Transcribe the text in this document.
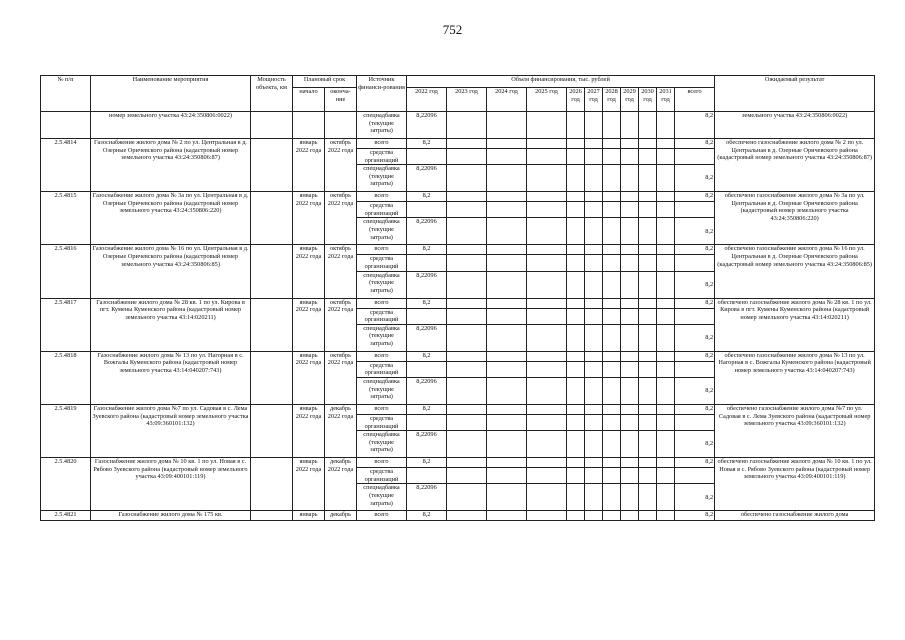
752
№ п/п	Наименование мероприятия	Мощность объекта, км	Плановый срок		Источник финанси-рования	Объем финансирования, тыс. рублей											Ожидаемый результат
			начало	оконча-ние		2022 год	2023 год	2024 год	2025 год	2026 год	2027 год	2028 год	2029 год	2030 год	2031 год	всего	
	номер земельного участка 43:24:350806:0022)				спецнадбавка (текущие затраты)	8,22096										8,2	земельного участка 43:24:350806:0022)
2.5.4814	Газоснабжение жилого дома № 2 по ул. Центральная в д. Озерные Оричевского района (кадастровый номер земельного участка 43:24:350806:87)		январь 2022 года	октябрь 2022 года	всего	8,2										8,2	обеспечено газоснабжение жилого дома № 2 по ул. Центральная в д. Озерные Оричевского района (кадастровый номер земельного участка 43:24:350806:87)
					средства организаций												
					спецнадбавка (текущие затраты)	8,22096										8,2	
2.5.4815	Газоснабжение жилого дома № 3а по ул. Центральная в д. Озерные Оричевского района (кадастровый номер земельного участка 43:24:350806:220)		январь 2022 года	октябрь 2022 года	всего	8,2										8,2	обеспечено газоснабжение жилого дома № 3а по ул. Центральная в д. Озерные Оричевского района (кадастровый номер земельного участка 43:24:350806:220)
					средства организаций												
					спецнадбавка (текущие затраты)	8,22096										8,2	
2.5.4816	Газоснабжение жилого дома № 16 по ул. Центральная в д. Озерные Оричевского района (кадастровый номер земельного участка 43:24:350806:85)		январь 2022 года	октябрь 2022 года	всего	8,2										8,2	обеспечено газоснабжение жилого дома № 16 по ул. Центральная в д. Озерные Оричевского района (кадастровый номер земельного участка 43:24:350806:85)
					средства организаций												
					спецнадбавка (текущие затраты)	8,22096										8,2	
2.5.4817	Газоснабжение жилого дома № 28 кв. 1 по ул. Кирова в пгт. Кумены Куменского района (кадастровый номер земельного участка 43:14:020211)		январь 2022 года	октябрь 2022 года	всего	8,2										8,2	обеспечено газоснабжение жилого дома № 28 кв. 1 по ул. Кирова в пгт. Кумены Куменского района (кадастровый номер земельного участка 43:14:020211)
					средства организаций												
					спецнадбавка (текущие затраты)	8,22096										8,2	
2.5.4818	Газоснабжение жилого дома № 13 по ул. Нагорная в с. Вожгалы Куменского района (кадастровый номер земельного участка 43:14:040207:743)		январь 2022 года	октябрь 2022 года	всего	8,2										8,2	обеспечено газоснабжение жилого дома № 13 по ул. Нагорная в с. Вожгалы Куменского района (кадастровый номер земельного участка 43:14:040207:743)
					средства организаций												
					спецнадбавка (текущие затраты)	8,22096										8,2	
2.5.4819	Газоснабжение жилого дома №7 по ул. Садовая в с. Лема Зуевского района (кадастровый номер земельного участка 43:09:360101:132)		январь 2022 года	декабрь 2022 года	всего	8,2										8,2	обеспечено газоснабжение жилого дома №7 по ул. Садовая в с. Лема Зуевского района (кадастровый номер земельного участка 43:09:360101:132)
					средства организаций												
					спецнадбавка (текущие затраты)	8,22096										8,2	
2.5.4820	Газоснабжение жилого дома № 10 кв. 1 по ул. Новая в с. Рябово Зуевского района (кадастровый номер земельного участка 43:09:400101:119)		январь 2022 года	декабрь 2022 года	всего	8,2										8,2	обеспечено газоснабжение жилого дома № 10 кв. 1 по ул. Новая в с. Рябово Зуевского района (кадастровый номер земельного участка 43:09:400101:119)
					средства организаций												
					спецнадбавка (текущие затраты)	8,22096										8,2	
2.5.4821	Газоснабжение жилого дома № 175 кв.		январь	декабрь	всего	8,2										8,2	обеспечено газоснабжение жилого дома
